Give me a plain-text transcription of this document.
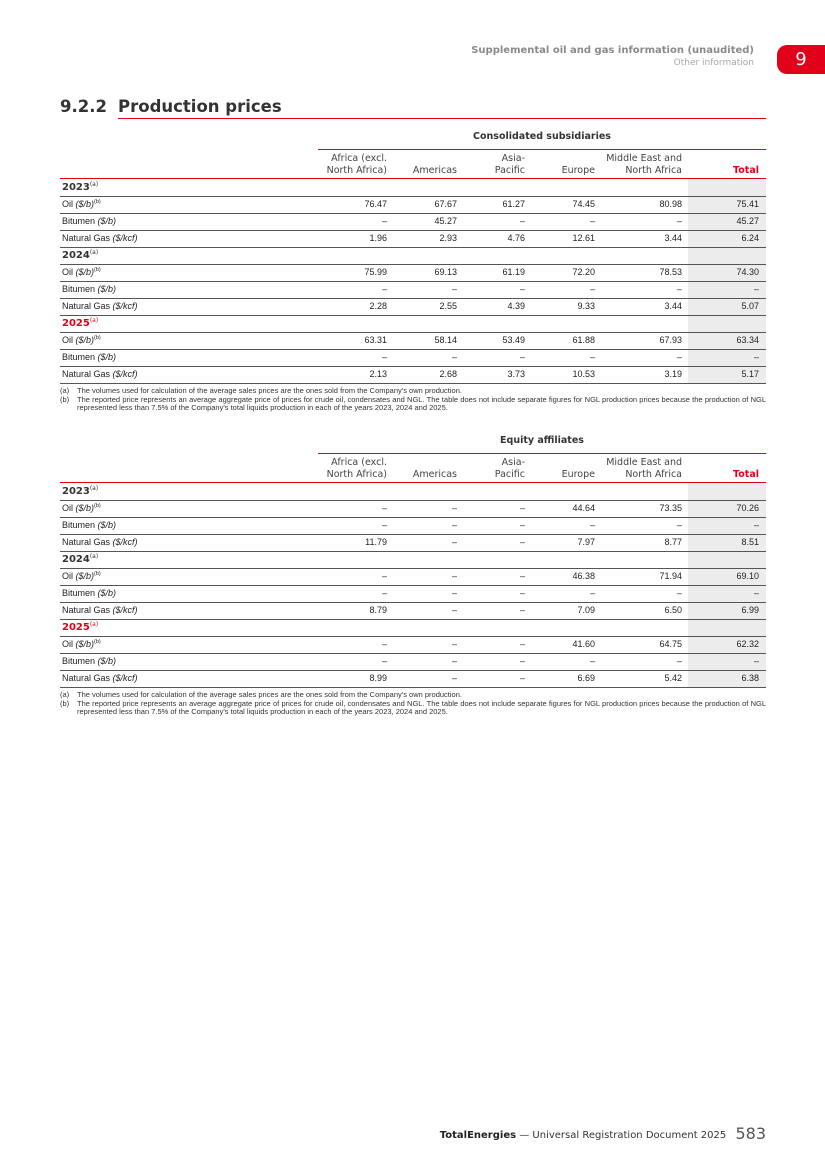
Supplemental oil and gas information (unaudited)
Other information	9
9.2.2 Production prices
Consolidated subsidiaries
Africa (excl.
North Africa)	Americas
Asia-
Pacific	Europe
Middle East and
North Africa	Total
2023$^{(a)}$
Oil ($/b)$^{(b)}$	76.47	67.67	61.27	74.45	80.98	75.41
Bitumen ($/b)	–	45.27	–	–	–	45.27
Natural Gas ($/kcf)	1.96	2.93	4.76	12.61	3.44	6.24
2024$^{(a)}$
Oil ($/b)$^{(b)}$	75.99	69.13	61.19	72.20	78.53	74.30
Bitumen ($/b)	–	–	–	–	–	–
Natural Gas ($/kcf)	2.28	2.55	4.39	9.33	3.44	5.07
2025$^{(a)}$
Oil ($/b)$^{(b)}$	63.31	58.14	53.49	61.88	67.93	63.34
Bitumen ($/b)	–	–	–	–	–	–
Natural Gas ($/kcf)	2.13	2.68	3.73	10.53	3.19	5.17
(a) The volumes used for calculation of the average sales prices are the ones sold from the Company's own production.
(b) The reported price represents an average aggregate price of prices for crude oil, condensates and NGL. The table does not include separate figures for NGL production prices because the production of NGL represented less than 7.5% of the Company's total liquids production in each of the years 2023, 2024 and 2025.
Equity affiliates
Africa (excl.
North Africa)	Americas
Asia-
Pacific	Europe
Middle East and
North Africa	Total
2023$^{(a)}$
Oil ($/b)$^{(b)}$	–	–	–	44.64	73.35	70.26
Bitumen ($/b)	–	–	–	–	–	–
Natural Gas ($/kcf)	11.79	–	–	7.97	8.77	8.51
2024$^{(a)}$
Oil ($/b)$^{(b)}$	–	–	–	46.38	71.94	69.10
Bitumen ($/b)	–	–	–	–	–	–
Natural Gas ($/kcf)	8.79	–	–	7.09	6.50	6.99
2025$^{(a)}$
Oil ($/b)$^{(b)}$	–	–	–	41.60	64.75	62.32
Bitumen ($/b)	–	–	–	–	–	–
Natural Gas ($/kcf)	8.99	–	–	6.69	5.42	6.38
(a) The volumes used for calculation of the average sales prices are the ones sold from the Company's own production.
(b) The reported price represents an average aggregate price of prices for crude oil, condensates and NGL. The table does not include separate figures for NGL production prices because the production of NGL represented less than 7.5% of the Company's total liquids production in each of the years 2023, 2024 and 2025.
TotalEnergies — Universal Registration Document 2025 583
